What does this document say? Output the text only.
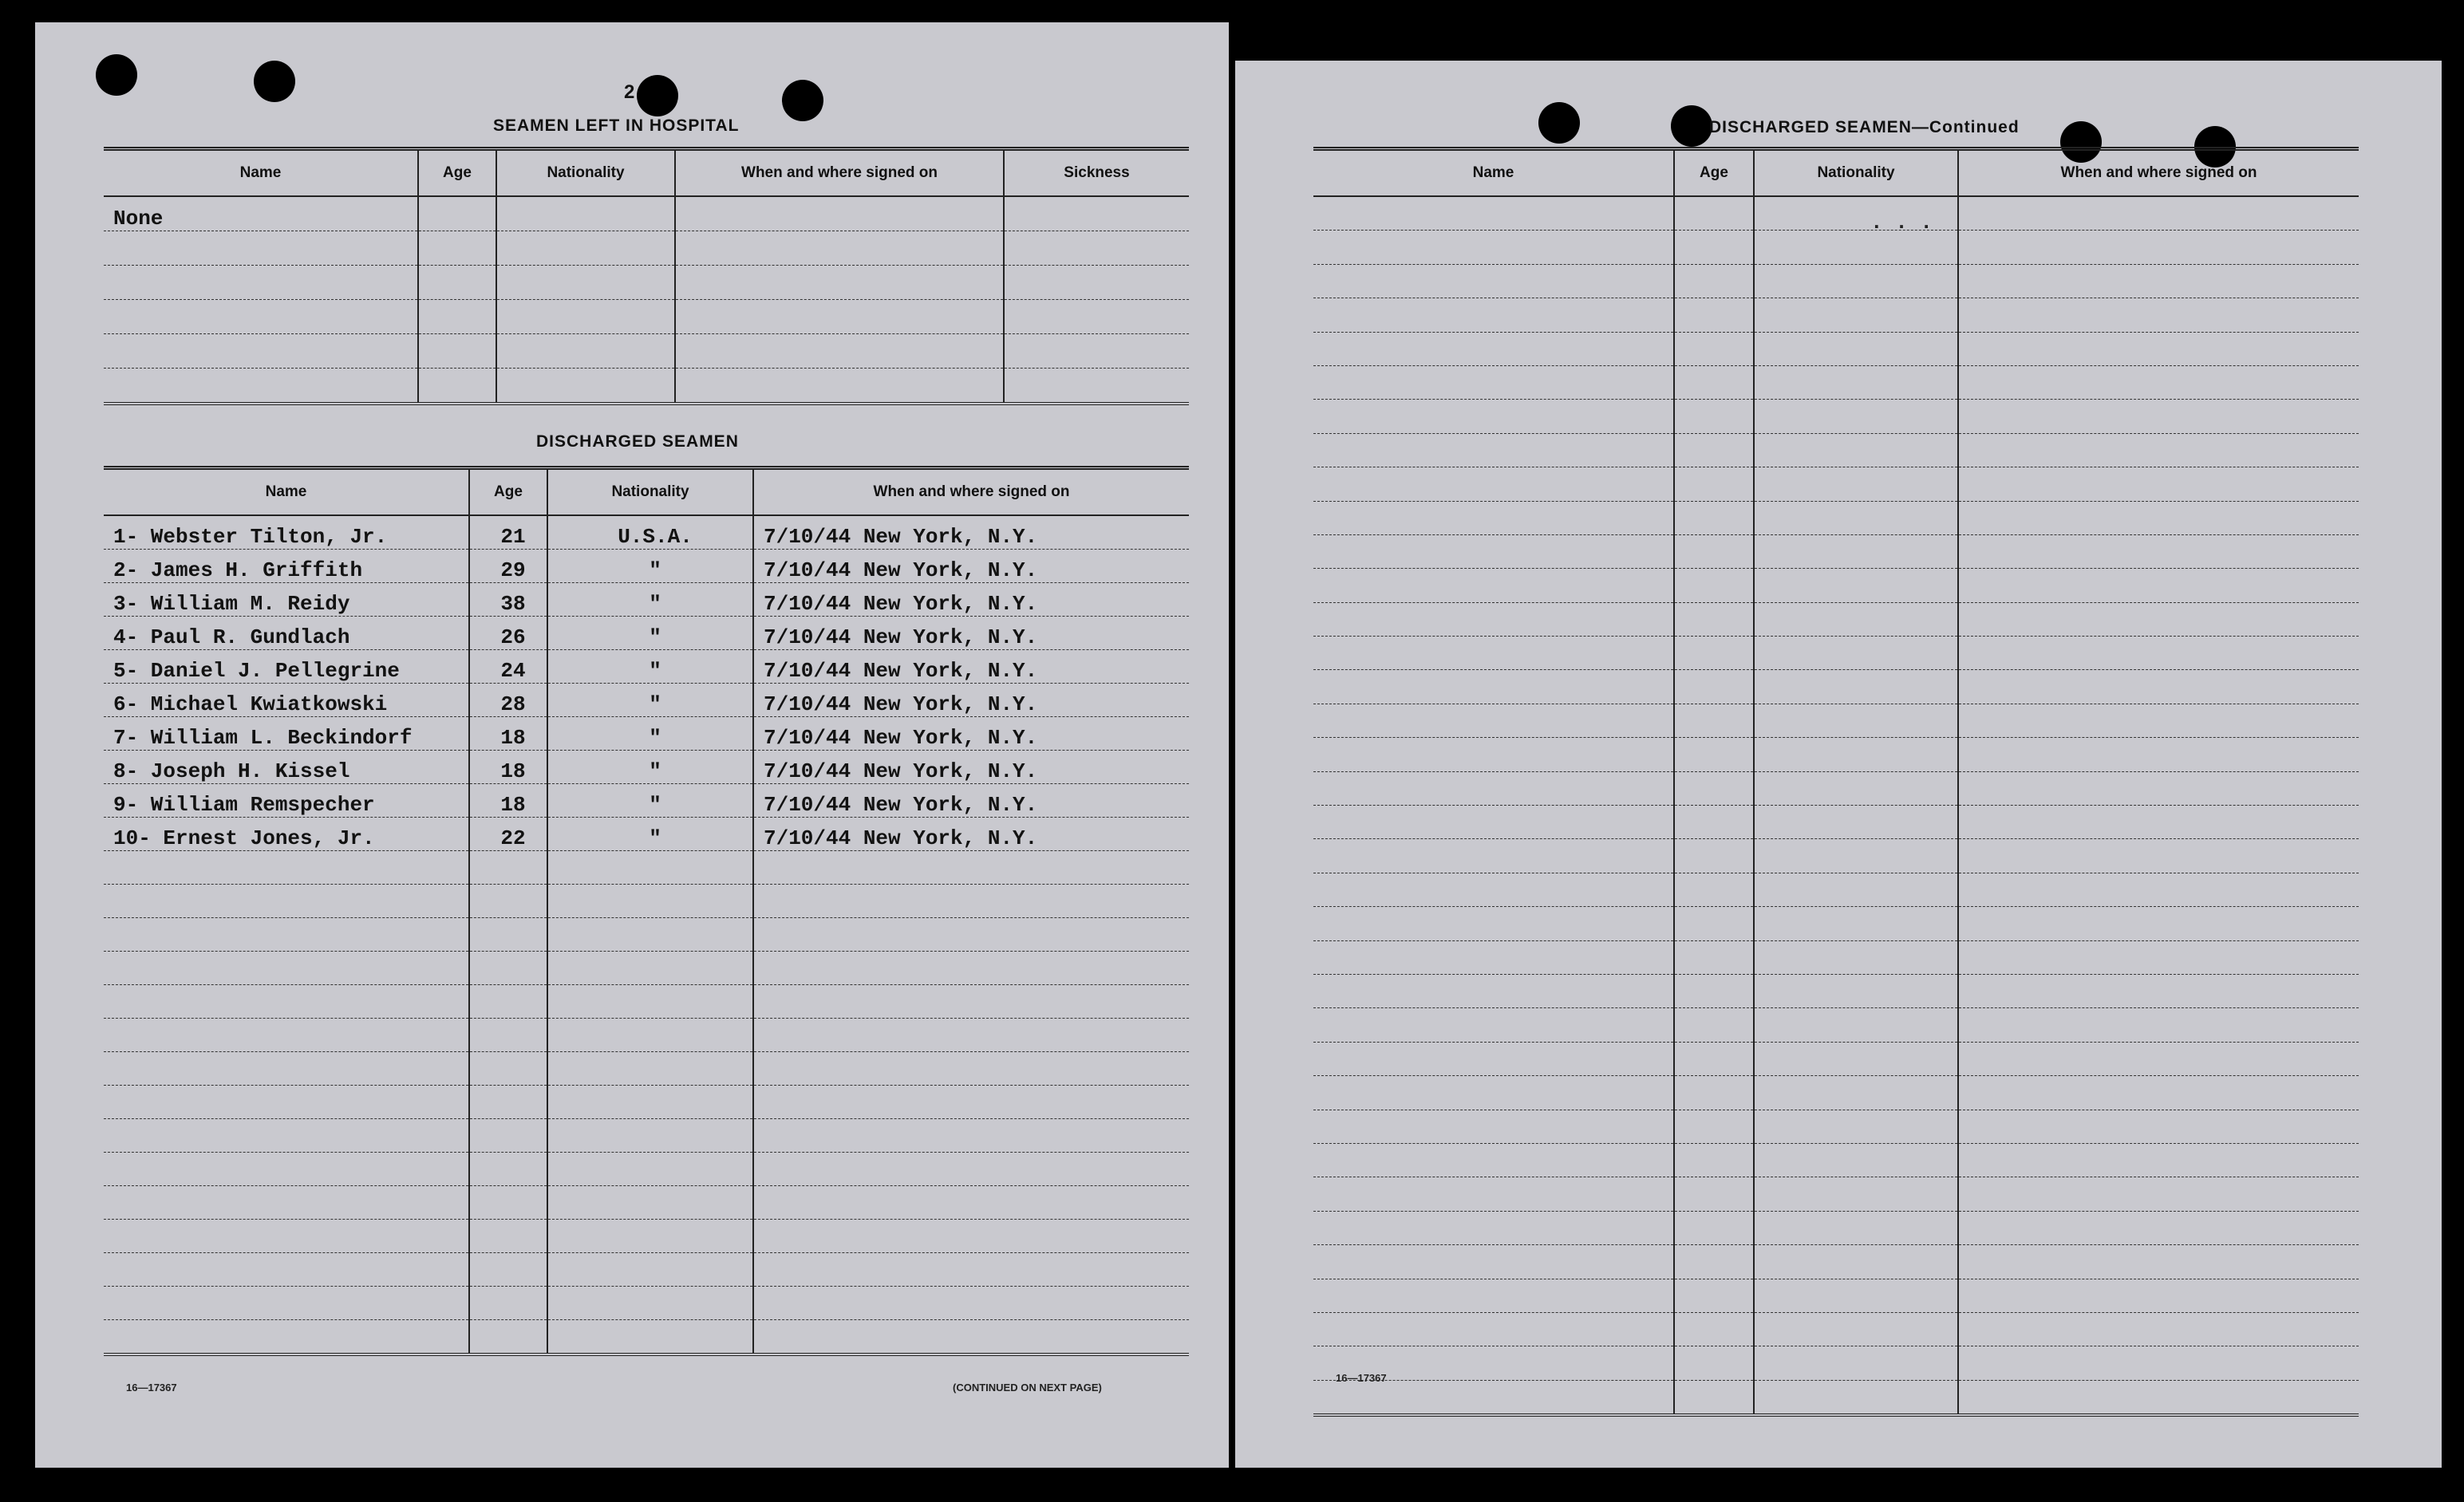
2
SEAMEN LEFT IN HOSPITAL
Name	Age	Nationality	When and where signed on	Sickness
None				

DISCHARGED SEAMEN
Name	Age	Nationality	When and where signed on
1- Webster Tilton, Jr.	21	U.S.A.	7/10/44 New York, N.Y.
2- James H. Griffith	29	"	7/10/44 New York, N.Y.
3- William M. Reidy	38	"	7/10/44 New York, N.Y.
4- Paul R. Gundlach	26	"	7/10/44 New York, N.Y.
5- Daniel J. Pellegrine	24	"	7/10/44 New York, N.Y.
6- Michael Kwiatkowski	28	"	7/10/44 New York, N.Y.
7- William L. Beckindorf	18	"	7/10/44 New York, N.Y.
8- Joseph H. Kissel	18	"	7/10/44 New York, N.Y.
9- William Remspecher	18	"	7/10/44 New York, N.Y.
10- Ernest Jones, Jr.	22	"	7/10/44 New York, N.Y.

16—17367	(CONTINUED ON NEXT PAGE)
DISCHARGED SEAMEN—Continued
Name	Age	Nationality	When and where signed on

. . .
16—17367
